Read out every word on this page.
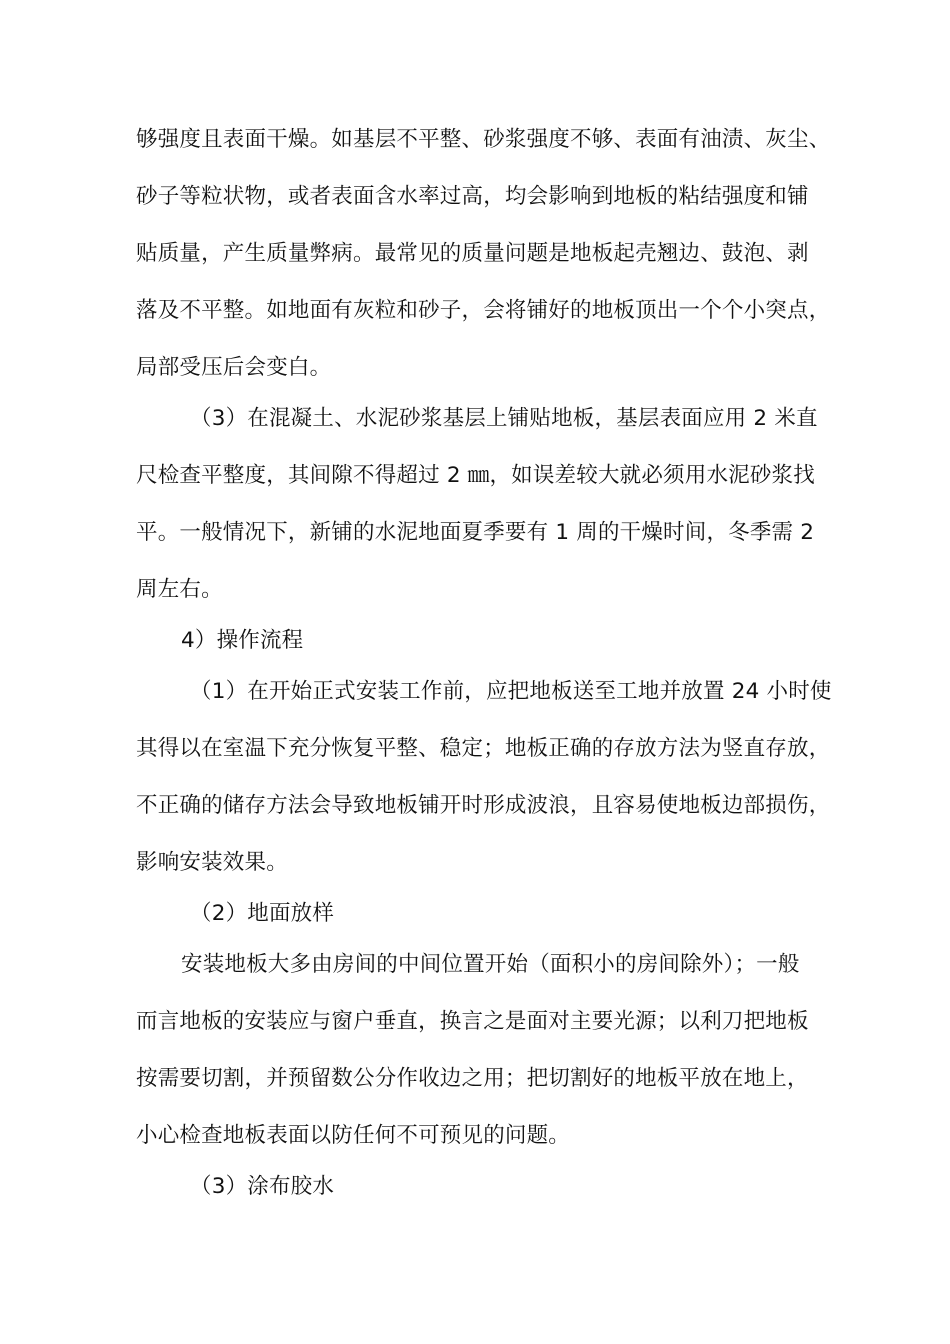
够强度且表面干燥。如基层不平整、砂浆强度不够、表面有油渍、灰尘、
砂子等粒状物，或者表面含水率过高，均会影响到地板的粘结强度和铺
贴质量，产生质量弊病。最常见的质量问题是地板起壳翘边、鼓泡、剥
落及不平整。如地面有灰粒和砂子，会将铺好的地板顶出一个个小突点，
局部受压后会变白。
（3）在混凝土、水泥砂浆基层上铺贴地板，基层表面应用 2 米直
尺检查平整度，其间隙不得超过 2 ㎜，如误差较大就必须用水泥砂浆找
平。一般情况下，新铺的水泥地面夏季要有 1 周的干燥时间，冬季需 2
周左右。
4）操作流程
（1）在开始正式安装工作前，应把地板送至工地并放置 24 小时使
其得以在室温下充分恢复平整、稳定；地板正确的存放方法为竖直存放，
不正确的储存方法会导致地板铺开时形成波浪，且容易使地板边部损伤，
影响安装效果。
（2）地面放样
安装地板大多由房间的中间位置开始（面积小的房间除外）；一般
而言地板的安装应与窗户垂直，换言之是面对主要光源；以利刀把地板
按需要切割，并预留数公分作收边之用；把切割好的地板平放在地上，
小心检查地板表面以防任何不可预见的问题。
（3）涂布胶水
